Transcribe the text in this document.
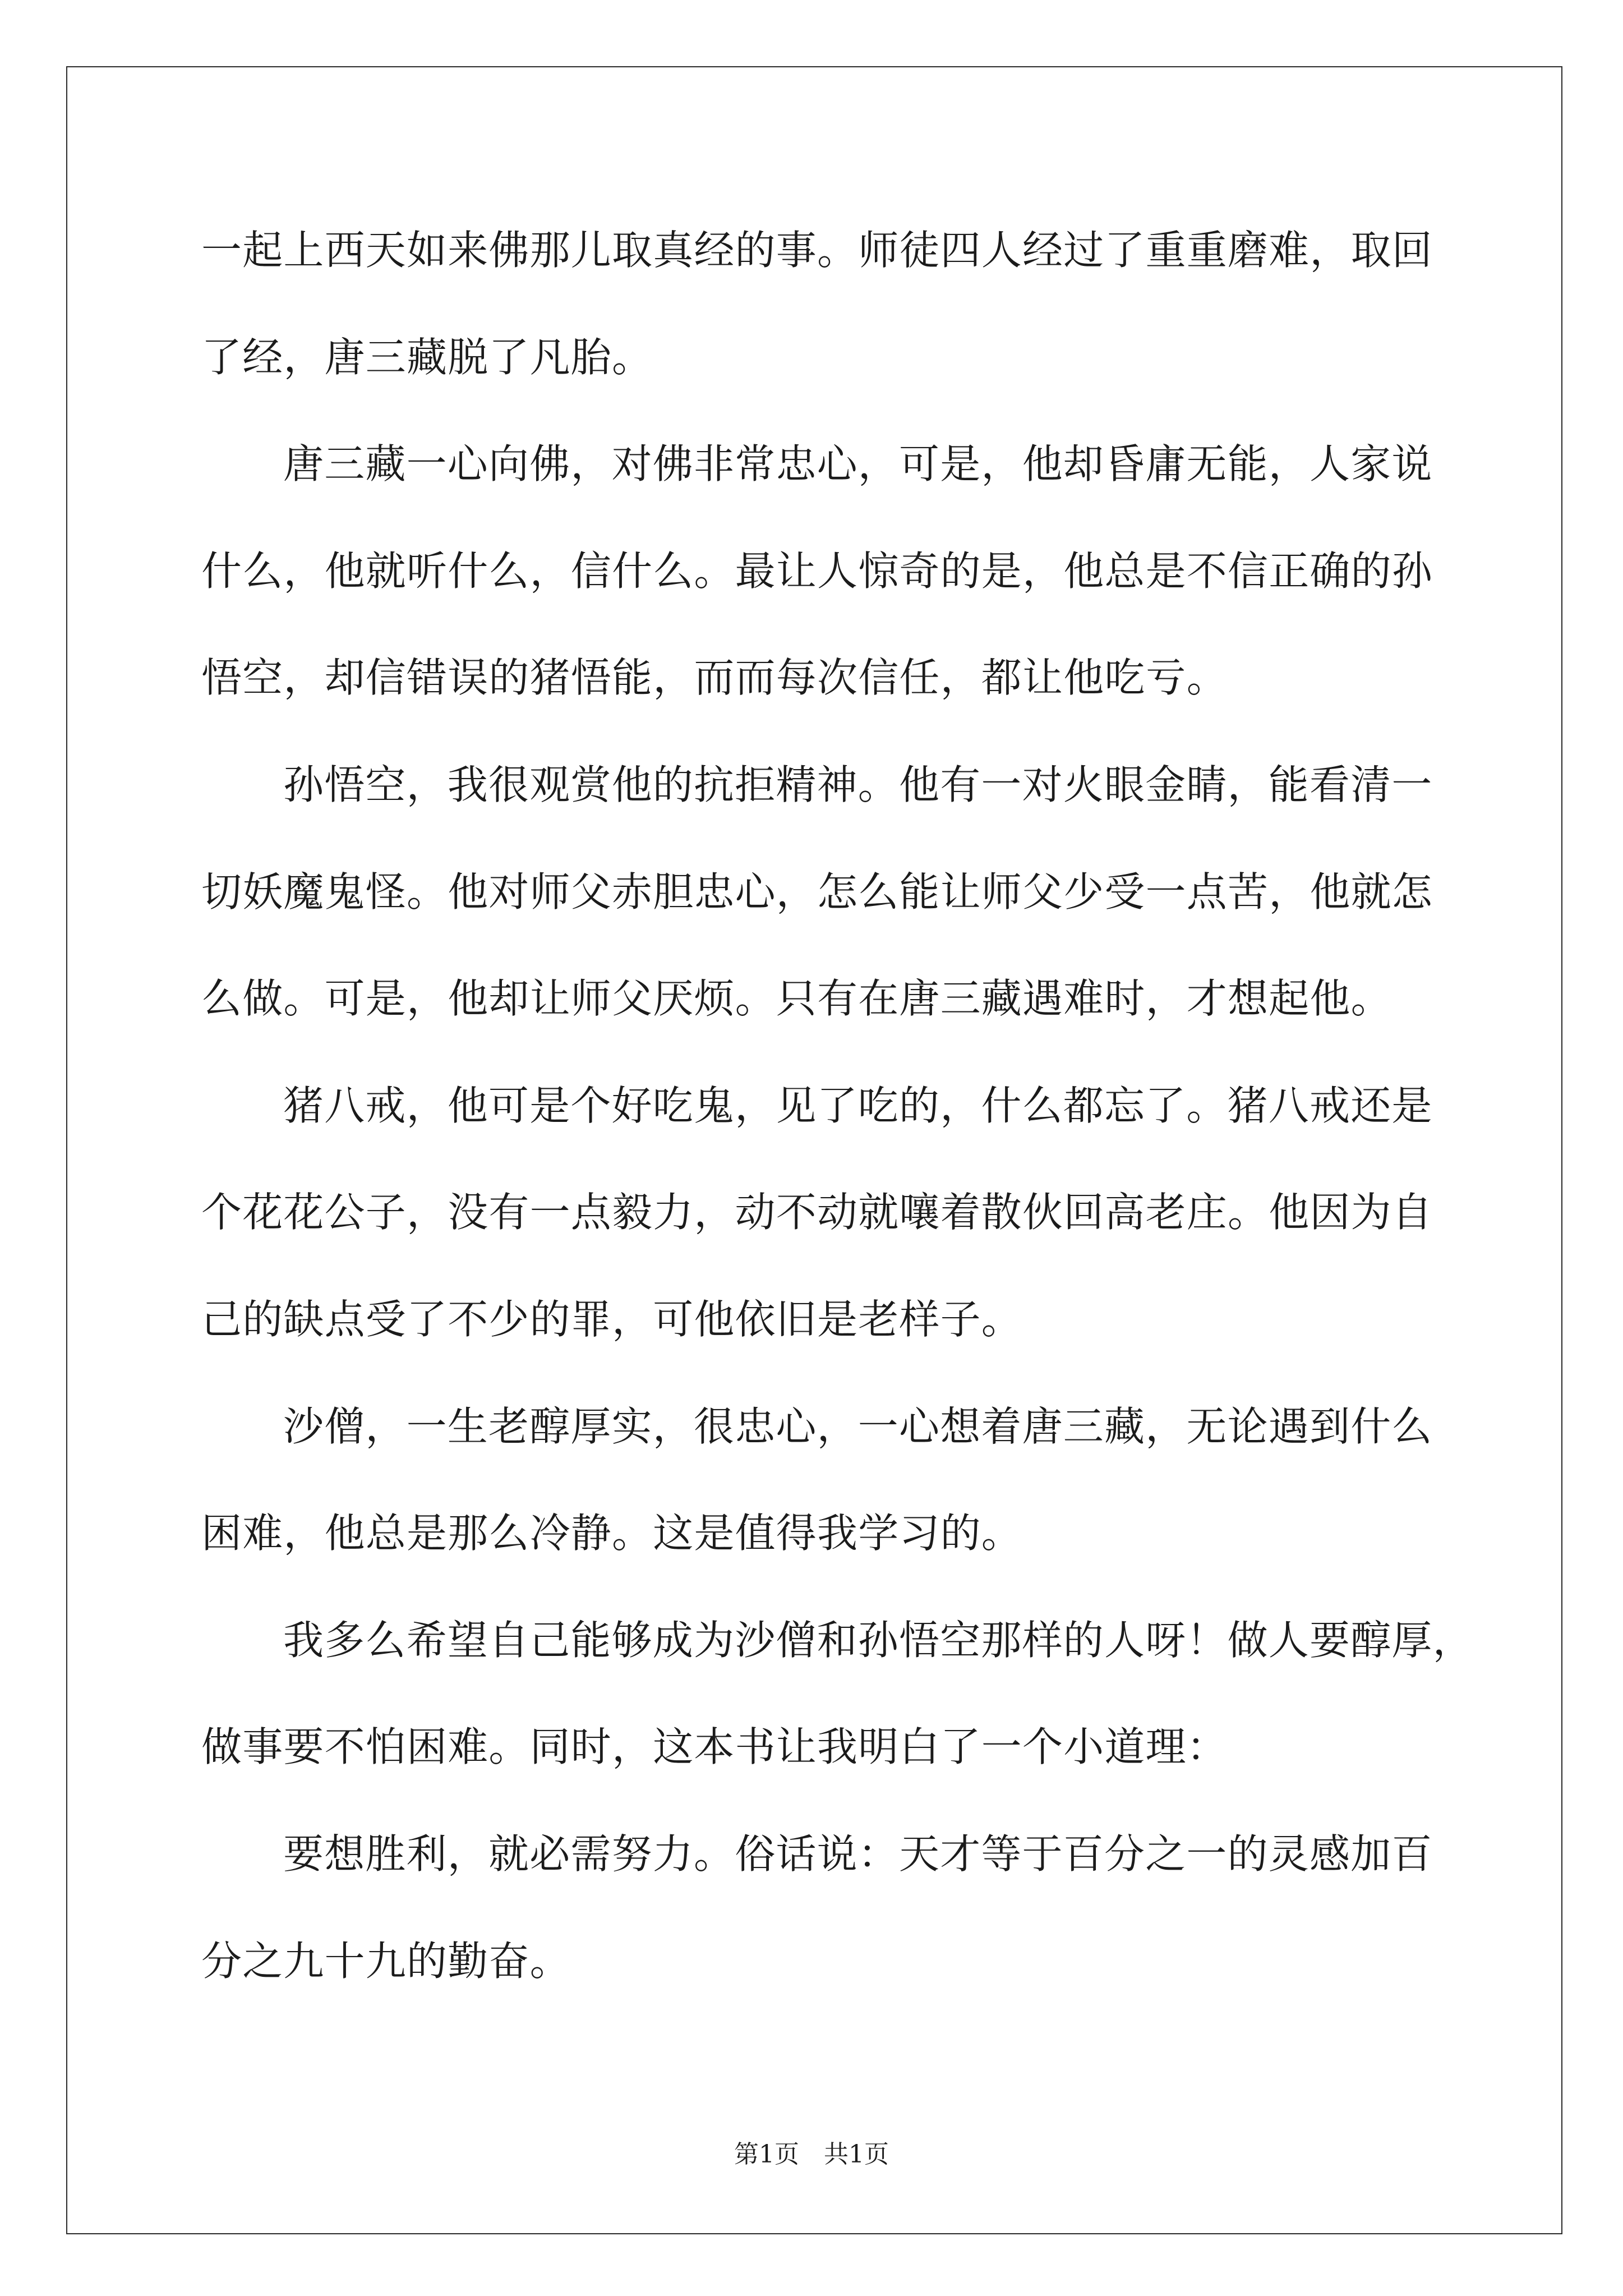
一起上西天如来佛那儿取真经的事。师徒四人经过了重重磨难，取回
了经，唐三藏脱了凡胎。
唐三藏一心向佛，对佛非常忠心，可是，他却昏庸无能，人家说
什么，他就听什么，信什么。最让人惊奇的是，他总是不信正确的孙
悟空，却信错误的猪悟能，而而每次信任，都让他吃亏。
孙悟空，我很观赏他的抗拒精神。他有一对火眼金睛，能看清一
切妖魔鬼怪。他对师父赤胆忠心，怎么能让师父少受一点苦，他就怎
么做。可是，他却让师父厌烦。只有在唐三藏遇难时，才想起他。
猪八戒，他可是个好吃鬼，见了吃的，什么都忘了。猪八戒还是
个花花公子，没有一点毅力，动不动就嚷着散伙回高老庄。他因为自
己的缺点受了不少的罪，可他依旧是老样子。
沙僧，一生老醇厚实，很忠心，一心想着唐三藏，无论遇到什么
困难，他总是那么冷静。这是值得我学习的。
我多么希望自己能够成为沙僧和孙悟空那样的人呀！做人要醇厚，
做事要不怕困难。同时，这本书让我明白了一个小道理：
要想胜利，就必需努力。俗话说：天才等于百分之一的灵感加百
分之九十九的勤奋。
第1页　共1页
